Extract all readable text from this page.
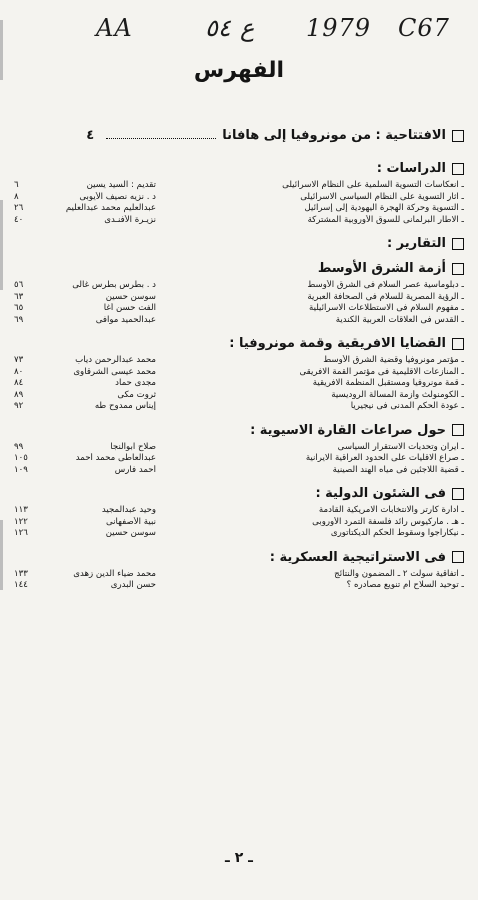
AA	٥٤ ع 1979 C67
الفهرس
الافتتاحية : من مونروفيا إلى هافانا
٤
الدراسات :
ـ انعكاسات التسوية السلمية على النظام الاسرائيلى
تقديم : السيد يسين
٦
ـ آثار التسوية على النظام السياسى الاسرائيلى
د . نزيه نصيف الأيوبى
٨
ـ التسوية وحركة الهجرة اليهودية إلى إسرائيل
عبدالعليم محمد عبدالعليم
٢٦
ـ الاطار البرلمانى للسوق الأوروبية المشتركة
نزيـرة الأفنـدى
٤٠
التقارير :
أزمة الشرق الأوسط
ـ دبلوماسية عصر السلام فى الشرق الأوسط
د . بطرس بطرس غالى
٥٦
ـ الرؤية المصرية للسلام فى الصحافة العبرية
سوسن حسين
٦٣
ـ مفهوم السلام فى الاستطلاعات الاسرائيلية
الفت حسن أغا
٦٥
ـ القدس فى العلاقات العربية الكندية
عبدالحميد موافى
٦٩
القضايا الافريقية وقمة مونروفيا :
ـ مؤتمر مونروفيا وقضية الشرق الأوسط
محمد عبدالرحمن دياب
٧٣
ـ المنازعات الاقليمية فى مؤتمر القمة الافريقى
محمد عيسى الشرقاوى
٨٠
ـ قمة مونروفيا ومستقبل المنظمة الافريقية
مجدى حماد
٨٤
ـ الكومنولث وأزمة المسألة الروديسية
ثروت مكى
٨٩
ـ عودة الحكم المدنى فى نيجيريا
إيناس ممدوح طه
٩٢
حول صراعات القارة الاسيوية :
ـ ايران وتحديات الاستقرار السياسى
صلاح ابوالنجا
٩٩
ـ صراع الاقليات على الحدود العراقية الايرانية
عبدالعاطى محمد أحمد
١٠٥
ـ قضية اللاجئين فى مياه الهند الصينية
أحمد فارس
١٠٩
فى الشئون الدولية :
ـ ادارة كارتر والانتخابات الامريكية القادمة
وحيد عبدالمجيد
١١٣
ـ هـ . ماركيوس رائد فلسفة التمرد الأوروبى
نبية الأصفهانى
١٢٢
ـ نيكاراجوا وسقوط الحكم الديكتاتورى
سوسن حسين
١٢٦
فى الاستراتيجية العسكرية :
ـ اتفاقية سولت ٢ ـ المضمون والنتائج
محمد ضياء الدين زهدى
١٣٣
ـ توحيد السلاح أم تنويع مصادره ؟
حسن البدرى
١٤٤
ـ ٢ ـ
